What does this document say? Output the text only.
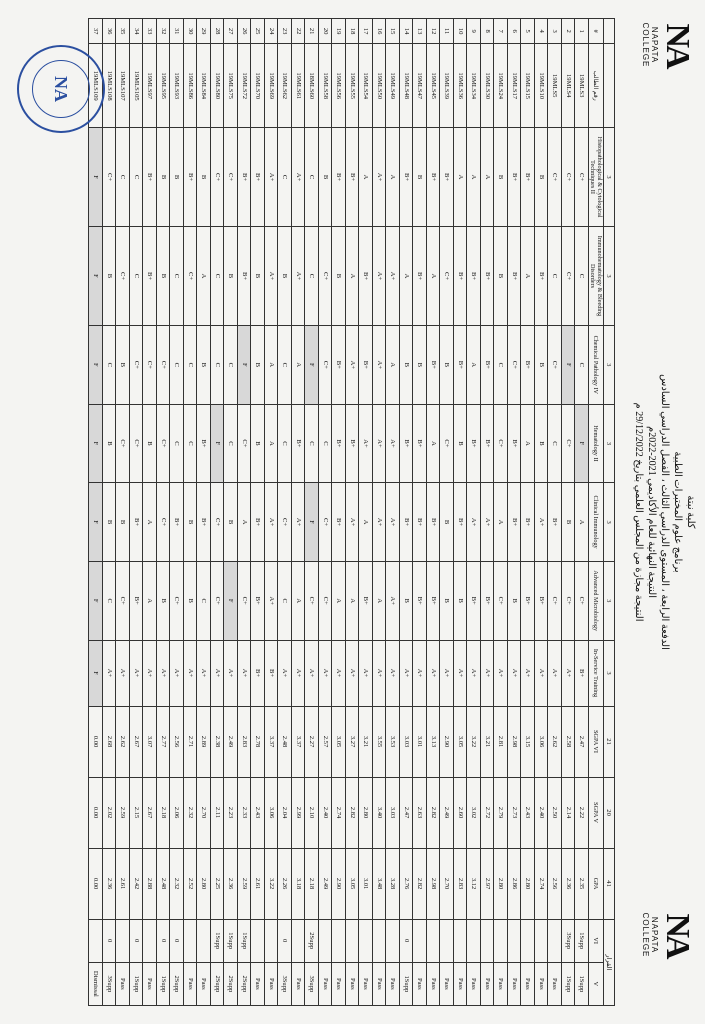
NA
NAPATA
COLLEGE
NA
NAPATA
COLLEGE
كلية نبتة
برنامج علوم المختبرات الطبية
الدفعة الرابعة ، المستوى الدراسي الثالث ، الفصل الدراسي السادس
النتيجة النهائية للعام الأكاديمي 2021-2022م
النتيجة مجازة من المجلس العلمي بتاريخ 29/12/2022 م
		3	3	3	3	3	3	3	21	20	41	القرار	
#	رقم الطالب	Histopathological & Cytological Techniques II	Immunohematology & Bleeding Disorders	Chemical Pathology IV	Hematology II	Clinical Immunology	Advanced Microbiology	In-Service Training	SGPA VI	SGPA V	GPA	VI	V
1	19MLS3	C+	C	C	F	A	C+	B+	2.47	2.22	2.35	1Supp	1Supp
2	19MLS4	C+	C+	F	C+	B	C+	A+	2.58	2.14	2.36	3Supp	1Supp
3	19MLS5	C+	C	C+	C	B+	C+	A+	2.62	2.50	2.56		Pass
4	19MLS10	B	B+	B	B	A+	B+	A+	3.06	2.40	2.74		Pass
5	19MLS15	B+	A	B+	A	B+	B+	A+	3.15	2.43	2.80		Pass
6	19MLS17	B+	B+	C+	B+	B+	B	A+	2.98	2.73	2.86		Pass
7	19MLS24	B	B	C	C+	A	C+	A+	2.81	2.79	2.80		Pass
8	19MLS30	A	B+	B+	B+	A+	B+	A+	3.21	2.72	2.97		Pass
9	19MLS34	A	B+	A	B+	A+	B+	A+	3.22	3.02	3.12		Pass
10	19MLS36	A	B+	B+	B	B+	B	A+	3.05	2.60	2.83		Pass
11	19MLS39	B+	C+	B	C+	B	B	A+	2.90	2.49	2.70		Pass
12	19MLS45	B+	A	B+	A	B+	B+	A+	3.13	2.82	2.98		Pass
13	19MLS47	B	B+	B	B+	B+	B+	A+	3.01	2.63	2.82		Pass
14	19MLS48	B+	A	B	B+	B+	B	A+	3.03	2.47	2.76	0	1Supp
15	19MLS49	A	A+	A	A+	A+	A+	A+	3.53	3.03	3.28		Pass
16	19MLS50	A+	A+	A+	A+	A+	A	A+	3.55	3.40	3.48		Pass
17	19MLS54	A	B+	B+	A+	A	B+	A+	3.21	2.80	3.01		Pass
18	19MLS55	B+	A	A+	B+	A+	A	A+	3.27	2.82	3.05		Pass
19	19MLS56	B+	B	B+	B+	B+	A	A+	3.05	2.74	2.90		Pass
20	19MLS58	B	C+	C+	C	C+	C+	A+	2.57	2.40	2.49		Pass
21	18MLS60	C	C	F	C	F	C+	A+	2.27	2.10	2.18	2Supp	3Supp
22	19MLS61	A+	A+	A	B+	A+	A	A+	3.37	2.99	3.18		Pass
23	19MLS62	C	B	C	C	C+	C	A+	2.48	2.04	2.26	0	3Supp
24	19MLS69	A+	A+	A	A	A+	A+	B+	3.37	3.06	3.22		Pass
25	19MLS70	B+	B	B	B	B+	B+	B+	2.78	2.43	2.61		Pass
26	19MLS72	B+	B+	F	C+	A	C+	A+	2.83	2.33	2.59	1Supp	2Supp
27	19MLS75	C+	B	C	C	B	F	A+	2.49	2.23	2.36	1Supp	2Supp
28	19MLS80	C+	C	C	F	C+	C+	A+	2.38	2.11	2.25	1Supp	2Supp
29	19MLS84	B	A	B	B+	B+	C	A+	2.89	2.70	2.80		Pass
30	19MLS86	B+	C+	C	C	B	B	A+	2.71	2.32	2.52		Pass
31	19MLS93	B	C	C	C	B+	C+	A+	2.56	2.06	2.32	0	2Supp
32	19MLS95	B	B	C+	C+	C+	B	A+	2.77	2.18	2.48	0	1Supp
33	19MLS97	B+	B+	C+	B	A	A	A+	3.07	2.67	2.88		Pass
34	19MLS105	C	C	C+	C+	B+	B+	A+	2.67	2.15	2.42	0	1Supp
35	19MLS107	C	C+	B	C+	B	C+	A+	2.62	2.59	2.61		Pass
36	19MLS108	C+	B	C	B	B	C	A+	2.68	2.02	2.36	0	3Supp
37	19MLS109	F	F	F	F	F	F	F	0.00	0.00	0.00		Dismissal
NA
